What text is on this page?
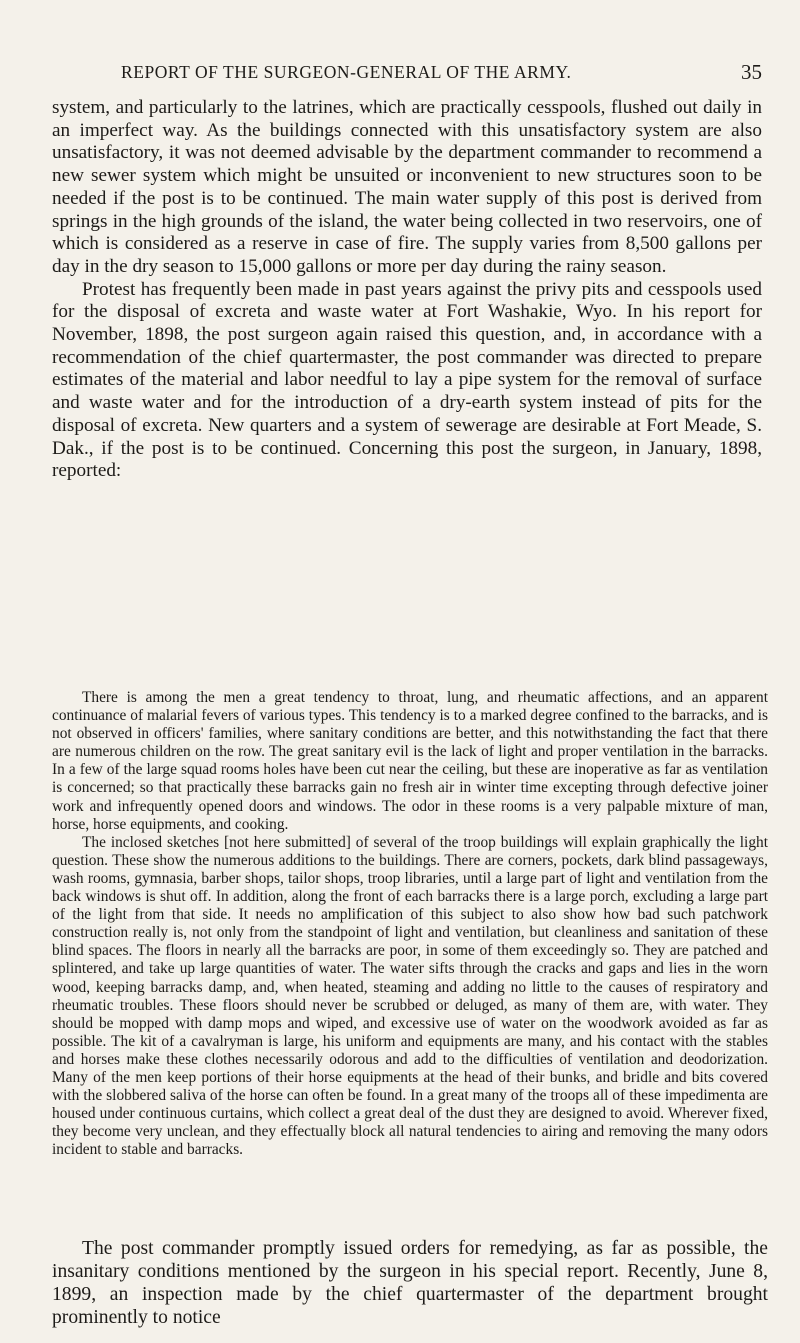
REPORT OF THE SURGEON-GENERAL OF THE ARMY.	35

system, and particularly to the latrines, which are practically cesspools, flushed out daily in an imperfect way. As the buildings connected with this unsatisfactory system are also unsatisfactory, it was not deemed advisable by the department commander to recommend a new sewer system which might be unsuited or inconvenient to new structures soon to be needed if the post is to be continued. The main water supply of this post is derived from springs in the high grounds of the island, the water being collected in two reservoirs, one of which is considered as a reserve in case of fire. The supply varies from 8,500 gallons per day in the dry season to 15,000 gallons or more per day during the rainy season.

Protest has frequently been made in past years against the privy pits and cesspools used for the disposal of excreta and waste water at Fort Washakie, Wyo. In his report for November, 1898, the post surgeon again raised this question, and, in accordance with a recommendation of the chief quartermaster, the post commander was directed to prepare estimates of the material and labor needful to lay a pipe system for the removal of surface and waste water and for the introduction of a dry-earth system instead of pits for the disposal of excreta. New quarters and a system of sewerage are desirable at Fort Meade, S. Dak., if the post is to be continued. Concerning this post the surgeon, in January, 1898, reported:

There is among the men a great tendency to throat, lung, and rheumatic affections, and an apparent continuance of malarial fevers of various types. This tendency is to a marked degree confined to the barracks, and is not observed in officers' families, where sanitary conditions are better, and this notwithstanding the fact that there are numerous children on the row. The great sanitary evil is the lack of light and proper ventilation in the barracks. In a few of the large squad rooms holes have been cut near the ceiling, but these are inoperative as far as ventilation is concerned; so that practically these barracks gain no fresh air in winter time excepting through defective joiner work and infrequently opened doors and windows. The odor in these rooms is a very palpable mixture of man, horse, horse equipments, and cooking.

The inclosed sketches [not here submitted] of several of the troop buildings will explain graphically the light question. These show the numerous additions to the buildings. There are corners, pockets, dark blind passageways, wash rooms, gymnasia, barber shops, tailor shops, troop libraries, until a large part of light and ventilation from the back windows is shut off. In addition, along the front of each barracks there is a large porch, excluding a large part of the light from that side. It needs no amplification of this subject to also show how bad such patchwork construction really is, not only from the standpoint of light and ventilation, but cleanliness and sanitation of these blind spaces. The floors in nearly all the barracks are poor, in some of them exceedingly so. They are patched and splintered, and take up large quantities of water. The water sifts through the cracks and gaps and lies in the worn wood, keeping barracks damp, and, when heated, steaming and adding no little to the causes of respiratory and rheumatic troubles. These floors should never be scrubbed or deluged, as many of them are, with water. They should be mopped with damp mops and wiped, and excessive use of water on the woodwork avoided as far as possible. The kit of a cavalryman is large, his uniform and equipments are many, and his contact with the stables and horses make these clothes necessarily odorous and add to the difficulties of ventilation and deodorization. Many of the men keep portions of their horse equipments at the head of their bunks, and bridle and bits covered with the slobbered saliva of the horse can often be found. In a great many of the troops all of these impedimenta are housed under continuous curtains, which collect a great deal of the dust they are designed to avoid. Wherever fixed, they become very unclean, and they effectually block all natural tendencies to airing and removing the many odors incident to stable and barracks.

The post commander promptly issued orders for remedying, as far as possible, the insanitary conditions mentioned by the surgeon in his special report. Recently, June 8, 1899, an inspection made by the chief quartermaster of the department brought prominently to notice
